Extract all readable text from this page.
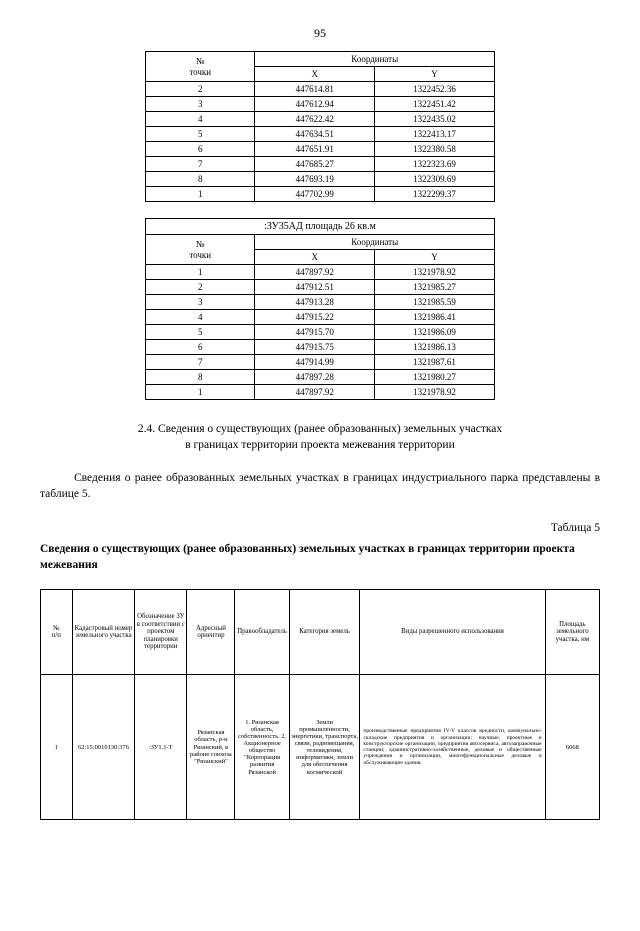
95
№
точки	Координаты	
	X	Y
2	447614.81	1322452.36
3	447612.94	1322451.42
4	447622.42	1322435.02
5	447634.51	1322413.17
6	447651.91	1322380.58
7	447685.27	1322323.69
8	447693.19	1322309.69
1	447702.99	1322299.37
:ЗУ35АД площадь 26 кв.м		
№
точки	Координаты	
	X	Y
1	447897.92	1321978.92
2	447912.51	1321985.27
3	447913.28	1321985.59
4	447915.22	1321986.41
5	447915.70	1321986.09
6	447915.75	1321986.13
7	447914.99	1321987.61
8	447897.28	1321980.27
1	447897.92	1321978.92
2.4. Сведения о существующих (ранее образованных) земельных участках
в границах территории проекта межевания территории
Сведения о ранее образованных земельных участках в границах индустриального парка представлены в таблице 5.
Таблица 5
Сведения о существующих (ранее образованных) земельных участках в границах территории проекта межевания
№
п/п	Кадастровый номер земельного участка	Обозначение ЗУ в соответствии с проектом планировки территории	Адресный ориентир	Правообладатель	Категория земель	Виды разрешенного использования	Площадь земельного участка, нм
1	62:15:0010130:376	:ЗУ1.1-Т	Рязанская область, р-н Рязанский, в районе совхоза "Рязанский"	1. Рязанская область, собственность. 2. Акционерное общество "Корпорация развития Рязанской	Земли промышленности, энергетики, транспорта, связи, радиовещания, телевидения, информатики, земли для обеспечения космической	производственные предприятия IV-V классов вредности, коммунально-складские предприятия и организации: научные, проектные и конструкторские организации, предприятия автосервиса, автозаправочные станции; административно-хозяйственные, деловые и общественные учреждения и организации, многофункциональные деловые и обслуживающие здания,	6068
